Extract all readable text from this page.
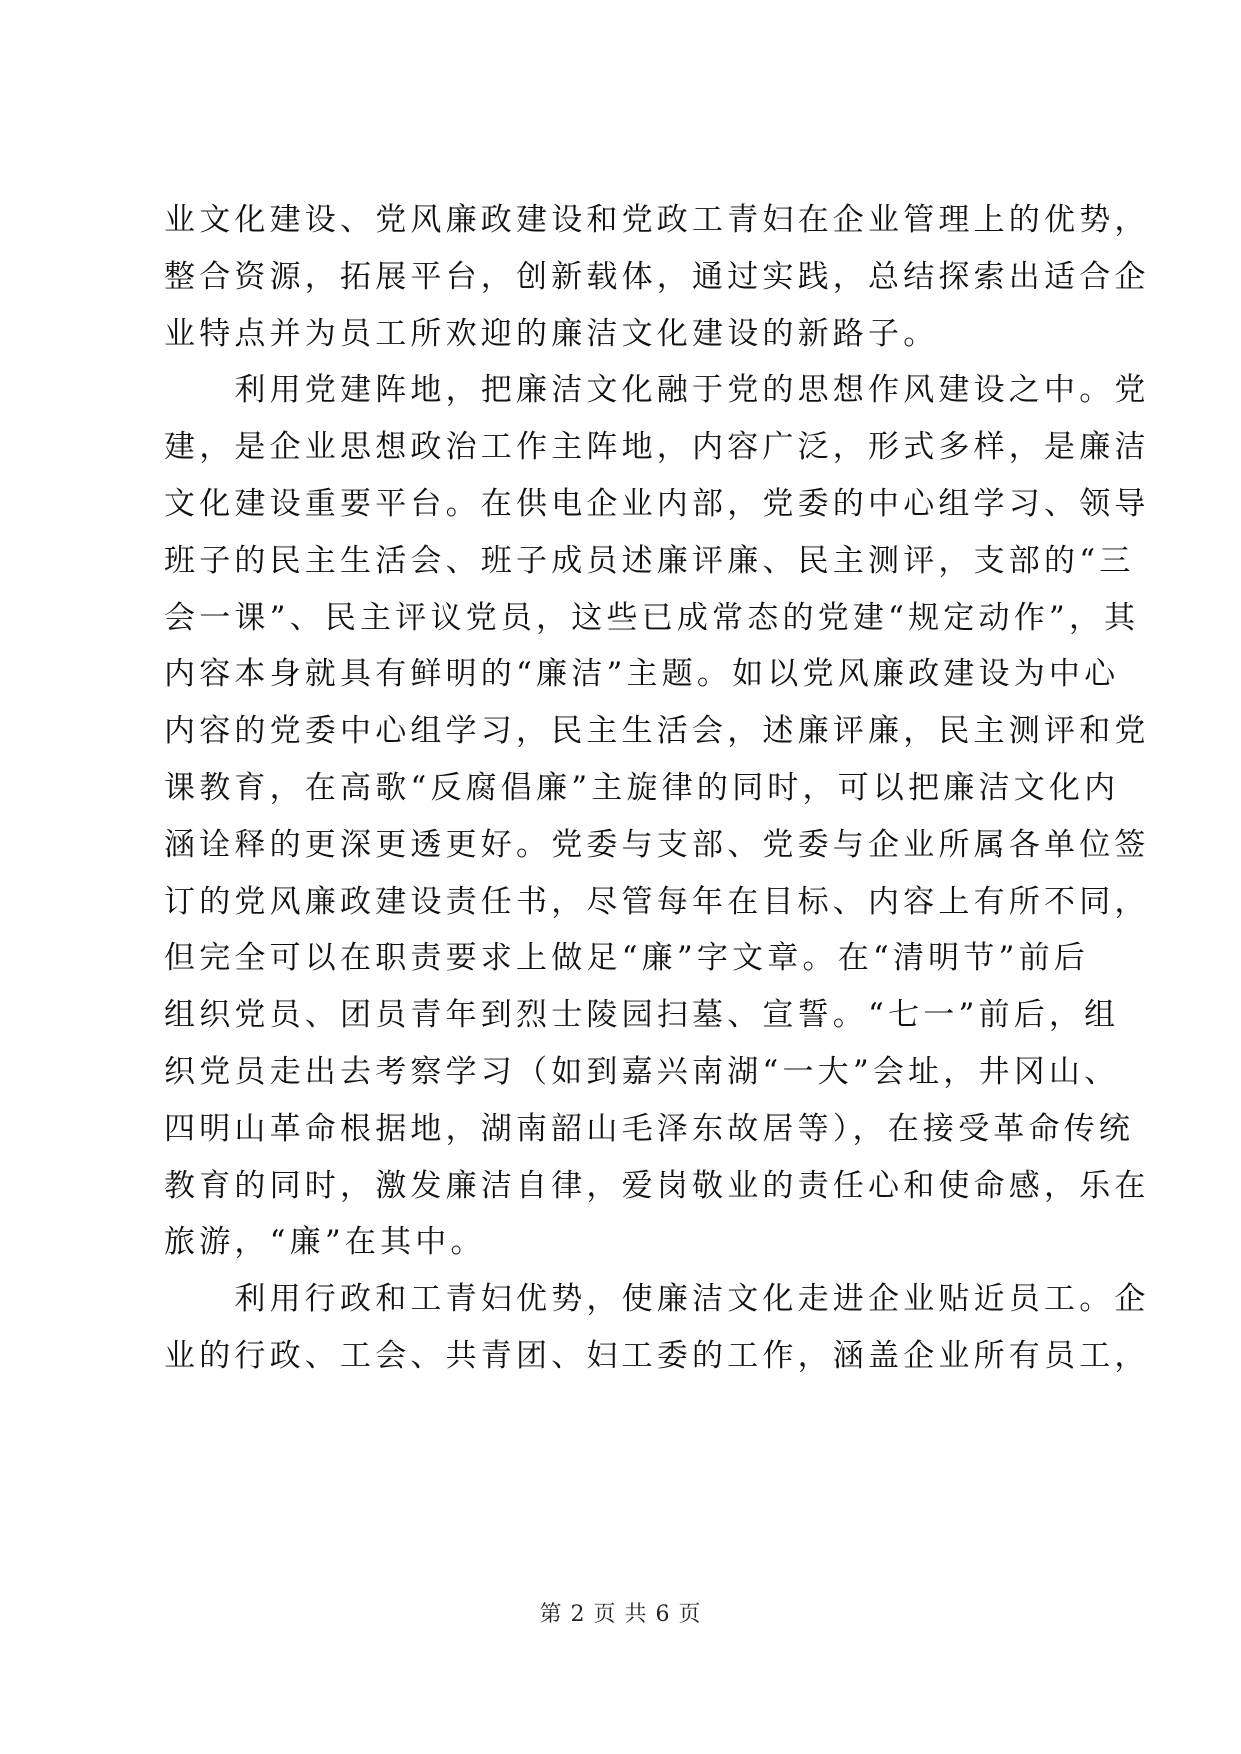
业文化建设、党风廉政建设和党政工青妇在企业管理上的优势，
整合资源，拓展平台，创新载体，通过实践，总结探索出适合企
业特点并为员工所欢迎的廉洁文化建设的新路子。
　　利用党建阵地，把廉洁文化融于党的思想作风建设之中。党
建，是企业思想政治工作主阵地，内容广泛，形式多样，是廉洁
文化建设重要平台。在供电企业内部，党委的中心组学习、领导
班子的民主生活会、班子成员述廉评廉、民主测评，支部的“三
会一课”、民主评议党员，这些已成常态的党建“规定动作”，其
内容本身就具有鲜明的“廉洁”主题。如以党风廉政建设为中心
内容的党委中心组学习，民主生活会，述廉评廉，民主测评和党
课教育，在高歌“反腐倡廉”主旋律的同时，可以把廉洁文化内
涵诠释的更深更透更好。党委与支部、党委与企业所属各单位签
订的党风廉政建设责任书，尽管每年在目标、内容上有所不同，
但完全可以在职责要求上做足“廉”字文章。在“清明节”前后
组织党员、团员青年到烈士陵园扫墓、宣誓。“七一”前后，组
织党员走出去考察学习（如到嘉兴南湖“一大”会址，井冈山、
四明山革命根据地，湖南韶山毛泽东故居等），在接受革命传统
教育的同时，激发廉洁自律，爱岗敬业的责任心和使命感，乐在
旅游，“廉”在其中。
　　利用行政和工青妇优势，使廉洁文化走进企业贴近员工。企
业的行政、工会、共青团、妇工委的工作，涵盖企业所有员工，
第 2 页 共 6 页
